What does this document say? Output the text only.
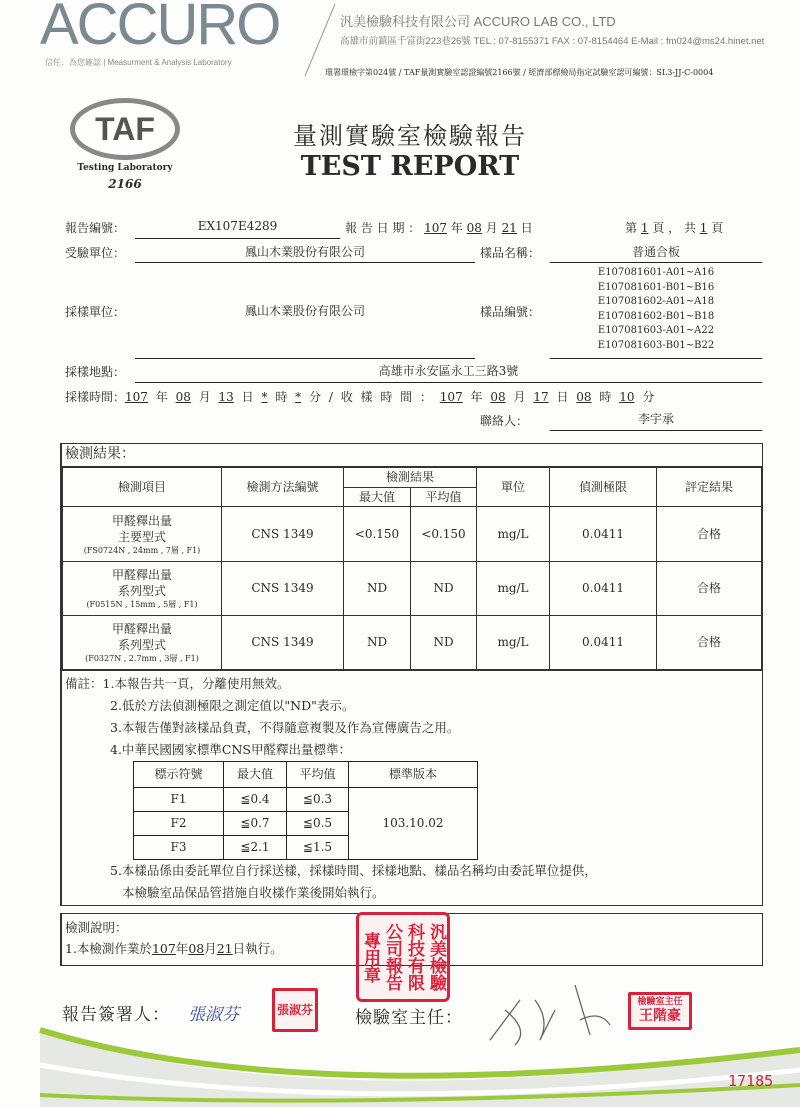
ACCURO
信任．為您確認 | Measurment & Analysis Laboratory
汎美檢驗科技有限公司 ACCURO LAB CO., LTD
高雄市前鎮區千富街223巷26號 TEL : 07-8155371 FAX : 07-8154464 E-Mail : fm024@ms24.hinet.net
環署環檢字第024號 / TAF量測實驗室認證編號2166號 / 經濟部標檢局指定試驗室認可編號：SL3-JJ-C-0004
TAF
Testing Laboratory
2166
量測實驗室檢驗報告
TEST REPORT
報告編號：	EX107E4289	報 告 日 期 ： 107 年 08 月 21 日	第 1 頁 ， 共 1 頁
受驗單位：	鳳山木業股份有限公司	樣品名稱：	普通合板
採樣單位：	鳳山木業股份有限公司	樣品編號：
E107081601-A01~A16
E107081601-B01~B16
E107081602-A01~A18
E107081602-B01~B18
E107081603-A01~A22
E107081603-B01~B22
採樣地點：	高雄市永安區永工三路3號
採樣時間：107 年 08 月 13 日 * 時 * 分 / 收 樣 時 間 ： 107 年 08 月 17 日 08 時 10 分
聯絡人：	李宇承
檢測結果：
檢測項目	檢測方法編號	檢測結果		單位	偵測極限	評定結果
		最大值	平均值			

甲醛釋出量
主要型式
(FS0724N , 24mm , 7層 , F1)	CNS 1349	<0.150	<0.150	mg/L	0.0411	合格

甲醛釋出量
系列型式
(F0515N , 15mm , 5層 , F1)	CNS 1349	ND	ND	mg/L	0.0411	合格

甲醛釋出量
系列型式
(F0327N , 2.7mm , 3層 , F1)	CNS 1349	ND	ND	mg/L	0.0411	合格
備註：1.本報告共一頁，分離使用無效。
2.低於方法偵測極限之測定值以"ND"表示。
3.本報告僅對該樣品負責，不得隨意複製及作為宣傳廣告之用。
4.中華民國國家標準CNS甲醛釋出量標準：
標示符號	最大值	平均值	標準版本
F1	≦0.4	≦0.3	103.10.02
F2	≦0.7	≦0.5	
F3	≦2.1	≦1.5	
5.本樣品係由委託單位自行採送樣，採樣時間、採樣地點、樣品名稱均由委託單位提供，
本檢驗室品保品管措施自收樣作業後開始執行。
檢測說明：
1.本檢測作業於107年08月21日執行。
報告簽署人： 張淑芬	張淑芬 檢驗室主任：
檢驗室主任
王階豪
汎美檢驗科技有限公司報告專用章
17185
